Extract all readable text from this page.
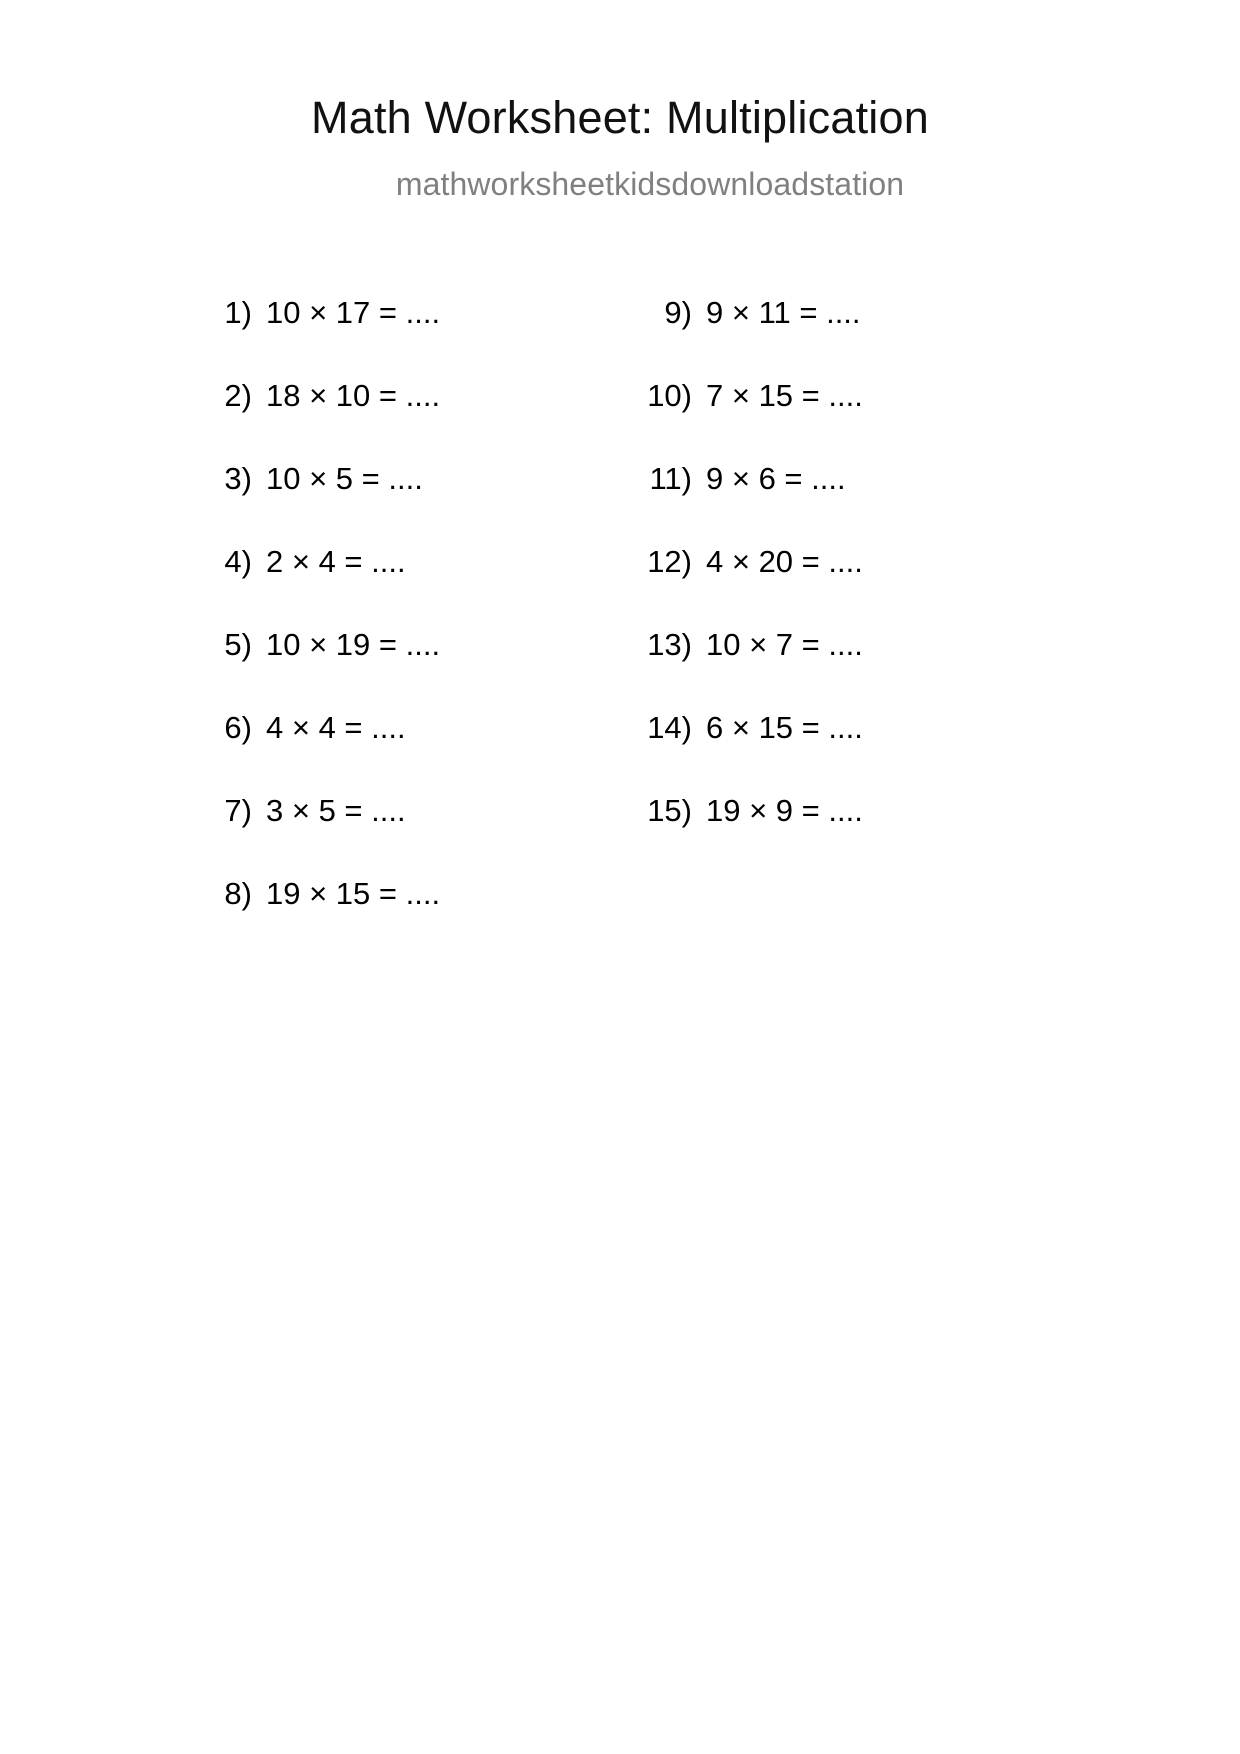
Math Worksheet: Multiplication
mathworksheetkidsdownloadstation
1) 10 × 17 = ....
2) 18 × 10 = ....
3) 10 × 5 = ....
4) 2 × 4 = ....
5) 10 × 19 = ....
6) 4 × 4 = ....
7) 3 × 5 = ....
8) 19 × 15 = ....
9) 9 × 11 = ....
10) 7 × 15 = ....
11) 9 × 6 = ....
12) 4 × 20 = ....
13) 10 × 7 = ....
14) 6 × 15 = ....
15) 19 × 9 = ....
